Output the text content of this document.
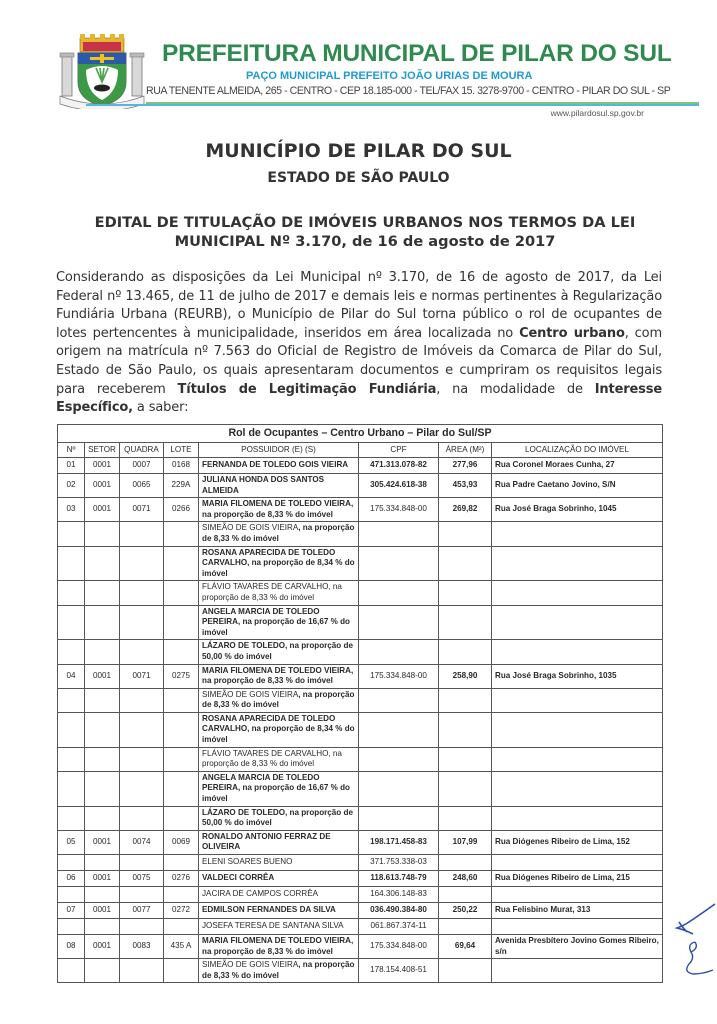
PREFEITURA MUNICIPAL DE PILAR DO SUL
PAÇO MUNICIPAL PREFEITO JOÃO URIAS DE MOURA
RUA TENENTE ALMEIDA, 265 - CENTRO - CEP 18.185-000 - TEL/FAX 15. 3278-9700 - CENTRO - PILAR DO SUL - SP
www.pilardosul.sp.gov.br
MUNICÍPIO DE PILAR DO SUL
ESTADO DE SÃO PAULO
EDITAL DE TITULAÇÃO DE IMÓVEIS URBANOS NOS TERMOS DA LEI
MUNICIPAL Nº 3.170, de 16 de agosto de 2017

Considerando as disposições da Lei Municipal nº 3.170, de 16 de agosto de 2017, da Lei Federal nº 13.465, de 11 de julho de 2017 e demais leis e normas pertinentes à Regularização Fundiária Urbana (REURB), o Município de Pilar do Sul torna público o rol de ocupantes de lotes pertencentes à municipalidade, inseridos em área localizada no Centro urbano, com origem na matrícula nº 7.563 do Oficial de Registro de Imóveis da Comarca de Pilar do Sul, Estado de São Paulo, os quais apresentaram documentos e cumpriram os requisitos legais para receberem Títulos de Legitimação Fundiária, na modalidade de Interesse Específico, a saber:

Rol de Ocupantes – Centro Urbano – Pilar do Sul/SP							
Nº	SETOR	QUADRA	LOTE	POSSUIDOR (E) (S)	CPF	ÁREA (M²)	LOCALIZAÇÃO DO IMÓVEL
01	0001	0007	0168	FERNANDA DE TOLEDO GOIS VIEIRA	471.313.078-82	277,96	Rua Coronel Moraes Cunha, 27
02	0001	0065	229A	JULIANA HONDA DOS SANTOS ALMEIDA	305.424.618-38	453,93	Rua Padre Caetano Jovino, S/N
03	0001	0071	0266	MARIA FILOMENA DE TOLEDO VIEIRA, na proporção de 8,33 % do imóvel	175.334.848-00	269,82	Rua José Braga Sobrinho, 1045
				SIMEÃO DE GOIS VIEIRA, na proporção de 8,33 % do imóvel			
				ROSANA APARECIDA DE TOLEDO CARVALHO, na proporção de 8,34 % do imóvel			
				FLÁVIO TAVARES DE CARVALHO, na proporção de 8,33 % do imóvel			
				ANGELA MARCIA DE TOLEDO PEREIRA, na proporção de 16,67 % do imóvel			
				LÁZARO DE TOLEDO, na proporção de 50,00 % do imóvel			
04	0001	0071	0275	MARIA FILOMENA DE TOLEDO VIEIRA, na proporção de 8,33 % do imóvel	175.334.848-00	258,90	Rua José Braga Sobrinho, 1035
				SIMEÃO DE GOIS VIEIRA, na proporção de 8,33 % do imóvel			
				ROSANA APARECIDA DE TOLEDO CARVALHO, na proporção de 8,34 % do imóvel			
				FLÁVIO TAVARES DE CARVALHO, na proporção de 8,33 % do imóvel			
				ANGELA MARCIA DE TOLEDO PEREIRA, na proporção de 16,67 % do imóvel			
				LÁZARO DE TOLEDO, na proporção de 50,00 % do imóvel			
05	0001	0074	0069	RONALDO ANTONIO FERRAZ DE OLIVEIRA	198.171.458-83	107,99	Rua Diógenes Ribeiro de Lima, 152
				ELENI SOARES BUENO	371.753.338-03		
06	0001	0075	0276	VALDECI CORRÊA	118.613.748-79	248,60	Rua Diógenes Ribeiro de Lima, 215
				JACIRA DE CAMPOS CORRÊA	164.306.148-83		
07	0001	0077	0272	EDMILSON FERNANDES DA SILVA	036.490.384-80	250,22	Rua Felisbino Murat, 313
				JOSEFA TERESA DE SANTANA SILVA	061.867.374-11		
08	0001	0083	435 A	MARIA FILOMENA DE TOLEDO VIEIRA, na proporção de 8,33 % do imóvel	175.334.848-00	69,64	Avenida Presbítero Jovino Gomes Ribeiro, s/n
				SIMEÃO DE GOIS VIEIRA, na proporção de 8,33 % do imóvel	178.154.408-51		
